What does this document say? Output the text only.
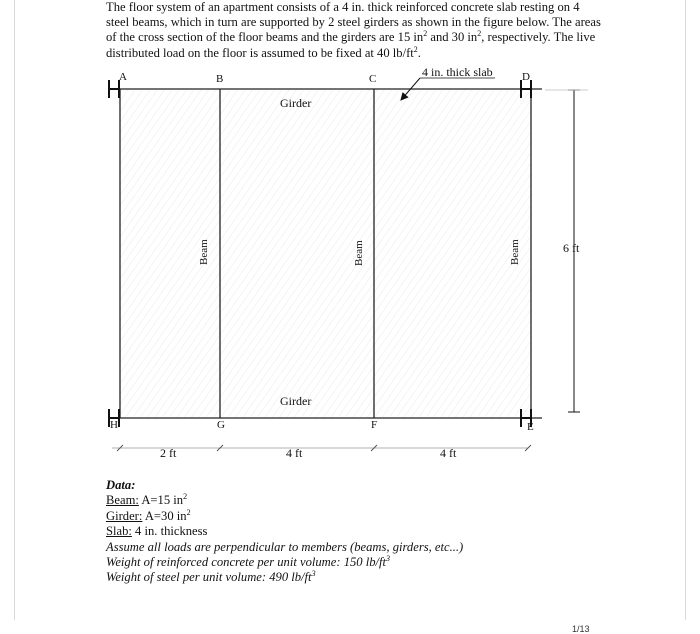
The floor system of an apartment consists of a 4 in. thick reinforced concrete slab resting on 4 steel beams, which in turn are supported by 2 steel girders as shown in the figure below. The areas of the cross section of the floor beams and the girders are 15 $in^2$ and 30 $in^2$, respectively. The live distributed load on the floor is assumed to be fixed at 40 $lb/ft^2$.

A	B	C	D
E
F
G
H
4 in. thick slab
Girder
Girder
6 ft
2 ft	4 ft	4 ft
Beam	Beam	Beam
Data:
Beam: A=15 $in^2$
Girder: A=30 $in^2$
Slab: 4 in. thickness
Assume all loads are perpendicular to members (beams, girders, etc...)
Weight of reinforced concrete per unit volume: 150 $lb/ft^3$
Weight of steel per unit volume: 490 $lb/ft^3$
1/13
